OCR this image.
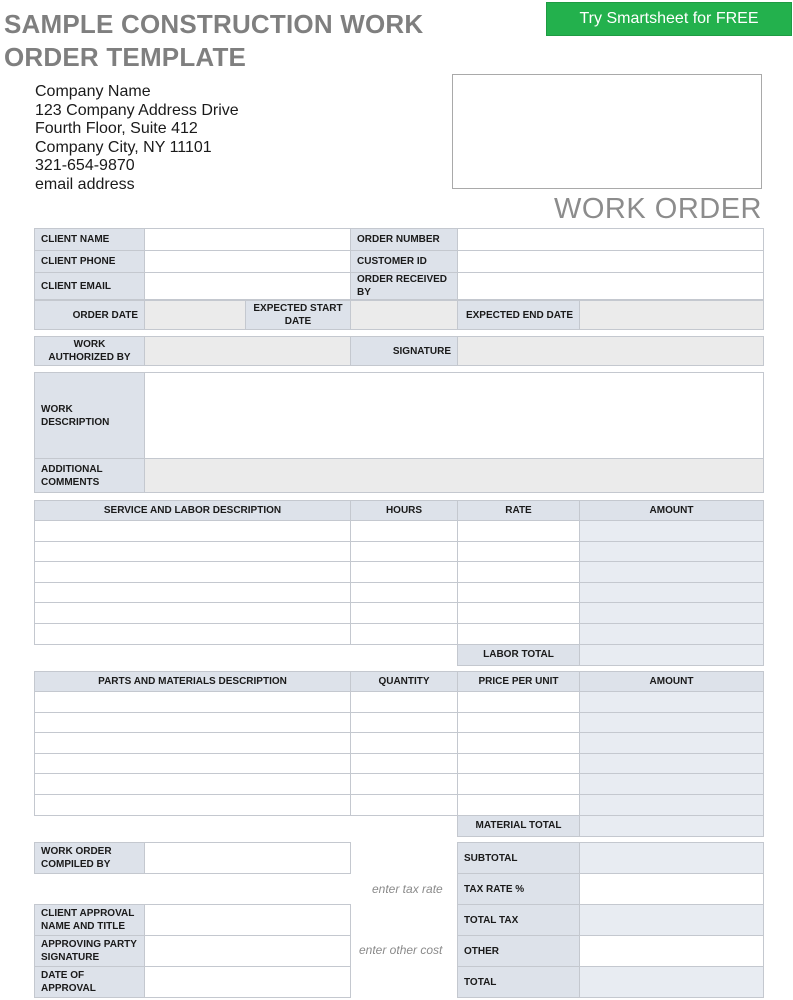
SAMPLE CONSTRUCTION WORK ORDER TEMPLATE
Try Smartsheet for FREE
Company Name
123 Company Address Drive
Fourth Floor, Suite 412
Company City, NY 11101
321-654-9870
email address
WORK ORDER
CLIENT NAME		ORDER NUMBER	
CLIENT PHONE		CUSTOMER ID	
CLIENT EMAIL		ORDER RECEIVED BY	
ORDER DATE		EXPECTED START DATE		EXPECTED END DATE	
WORK AUTHORIZED BY		SIGNATURE	
WORK DESCRIPTION	
ADDITIONAL COMMENTS	
SERVICE AND LABOR DESCRIPTION	HOURS	RATE	AMOUNT

		LABOR TOTAL	
PARTS AND MATERIALS DESCRIPTION	QUANTITY	PRICE PER UNIT	AMOUNT

		MATERIAL TOTAL	
WORK ORDER COMPILED BY	
CLIENT APPROVAL NAME AND TITLE	
APPROVING PARTY SIGNATURE	
DATE OF APPROVAL	
enter tax rate
enter other cost
SUBTOTAL	
TAX RATE %	
TOTAL TAX	
OTHER	
TOTAL	
